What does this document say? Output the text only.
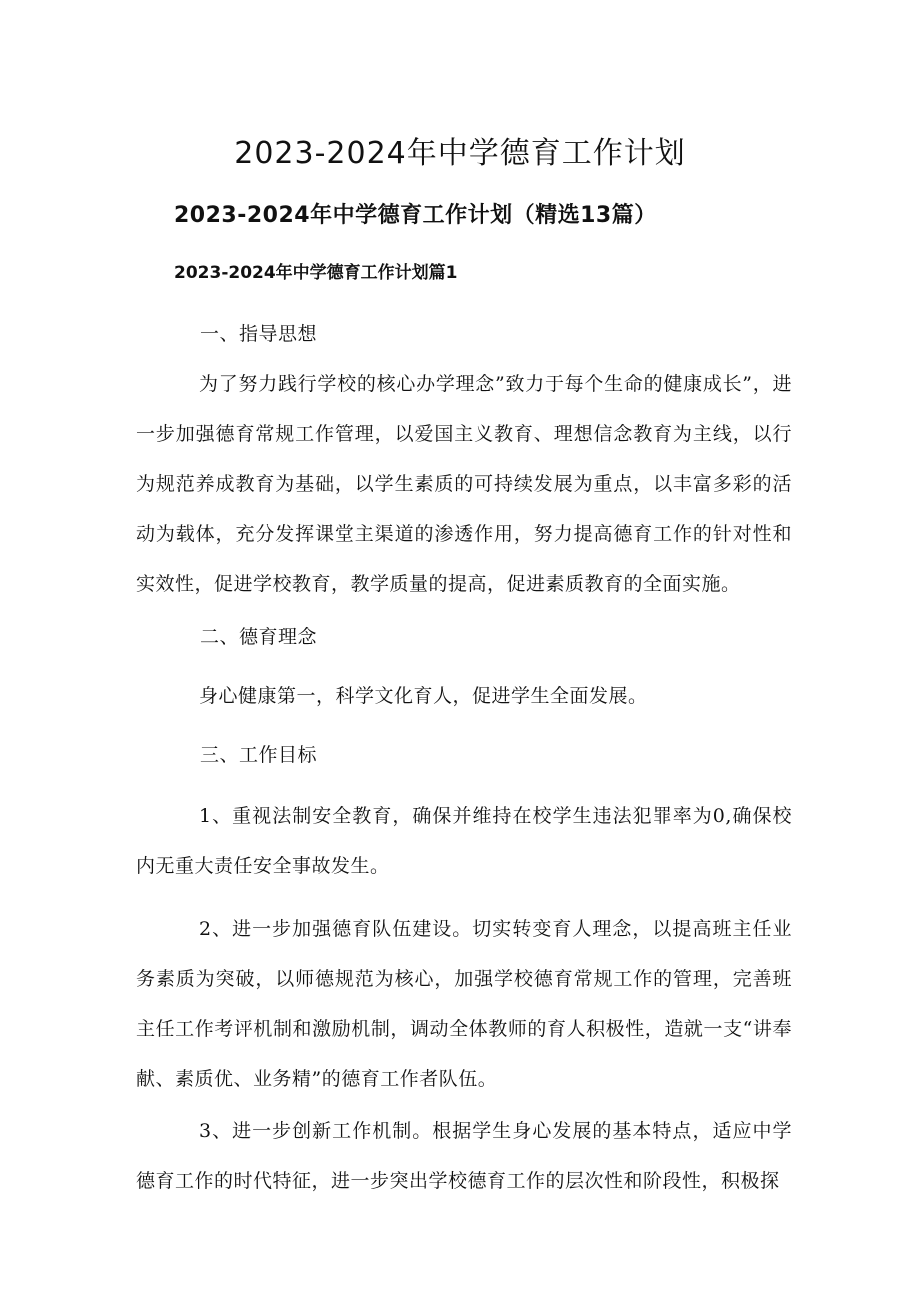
2023-2024年中学德育工作计划
2023-2024年中学德育工作计划（精选13篇）
2023-2024年中学德育工作计划篇1

一、指导思想

为了努力践行学校的核心办学理念”致力于每个生命的健康成长”，进一步加强德育常规工作管理，以爱国主义教育、理想信念教育为主线，以行为规范养成教育为基础，以学生素质的可持续发展为重点，以丰富多彩的活动为载体，充分发挥课堂主渠道的渗透作用，努力提高德育工作的针对性和实效性，促进学校教育，教学质量的提高，促进素质教育的全面实施。

二、德育理念

身心健康第一，科学文化育人，促进学生全面发展。

三、工作目标

1、重视法制安全教育，确保并维持在校学生违法犯罪率为0,确保校内无重大责任安全事故发生。

2、进一步加强德育队伍建设。切实转变育人理念，以提高班主任业务素质为突破，以师德规范为核心，加强学校德育常规工作的管理，完善班主任工作考评机制和激励机制，调动全体教师的育人积极性，造就一支“讲奉献、素质优、业务精”的德育工作者队伍。

3、进一步创新工作机制。根据学生身心发展的基本特点，适应中学德育工作的时代特征，进一步突出学校德育工作的层次性和阶段性，积极探
